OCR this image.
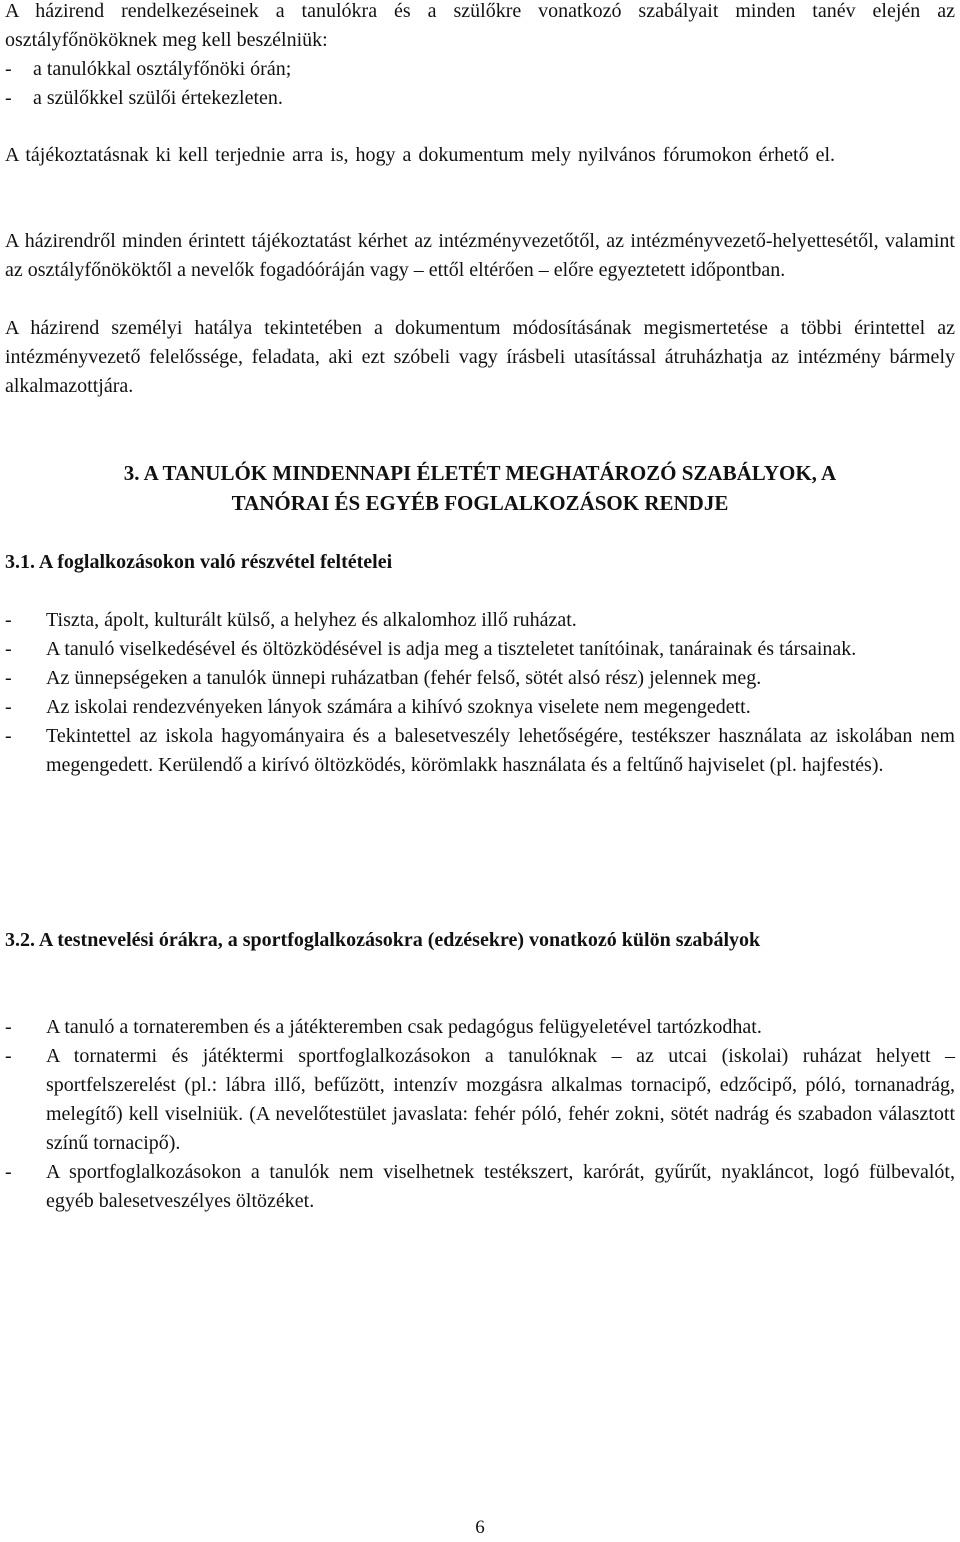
A házirend rendelkezéseinek a tanulókra és a szülőkre vonatkozó szabályait minden tanév elején az osztályfőnököknek meg kell beszélniük:
-	a tanulókkal osztályfőnöki órán;
-	a szülőkkel szülői értekezleten.

A tájékoztatásnak ki kell terjednie arra is, hogy a dokumentum mely nyilvános fórumokon érhető el.

A házirendről minden érintett tájékoztatást kérhet az intézményvezetőtől, az intézményvezető-helyettesétől, valamint az osztályfőnököktől a nevelők fogadóóráján vagy – ettől eltérően – előre egyeztetett időpontban.

A házirend személyi hatálya tekintetében a dokumentum módosításának megismertetése a többi érintettel az intézményvezető felelőssége, feladata, aki ezt szóbeli vagy írásbeli utasítással átruházhatja az intézmény bármely alkalmazottjára.

3. A TANULÓK MINDENNAPI ÉLETÉT MEGHATÁROZÓ SZABÁLYOK, A
TANÓRAI ÉS EGYÉB FOGLALKOZÁSOK RENDJE

3.1. A foglalkozásokon való részvétel feltételei

-	Tiszta, ápolt, kulturált külső, a helyhez és alkalomhoz illő ruházat.
-	A tanuló viselkedésével és öltözködésével is adja meg a tiszteletet tanítóinak, tanárainak és társainak.
-	Az ünnepségeken a tanulók ünnepi ruházatban (fehér felső, sötét alsó rész) jelennek meg.
-	Az iskolai rendezvényeken lányok számára a kihívó szoknya viselete nem megengedett.
-	Tekintettel az iskola hagyományaira és a balesetveszély lehetőségére, testékszer használata az iskolában nem megengedett. Kerülendő a kirívó öltözködés, körömlakk használata és a feltűnő hajviselet (pl. hajfestés).

3.2. A testnevelési órákra, a sportfoglalkozásokra (edzésekre) vonatkozó külön szabályok

-	A tanuló a tornateremben és a játékteremben csak pedagógus felügyeletével tartózkodhat.
-	A tornatermi és játéktermi sportfoglalkozásokon a tanulóknak – az utcai (iskolai) ruházat helyett – sportfelszerelést (pl.: lábra illő, befűzött, intenzív mozgásra alkalmas tornacipő, edzőcipő, póló, tornanadrág, melegítő) kell viselniük. (A nevelőtestület javaslata: fehér póló, fehér zokni, sötét nadrág és szabadon választott színű tornacipő).
-	A sportfoglalkozásokon a tanulók nem viselhetnek testékszert, karórát, gyűrűt, nyakláncot, logó fülbevalót, egyéb balesetveszélyes öltözéket.
6
